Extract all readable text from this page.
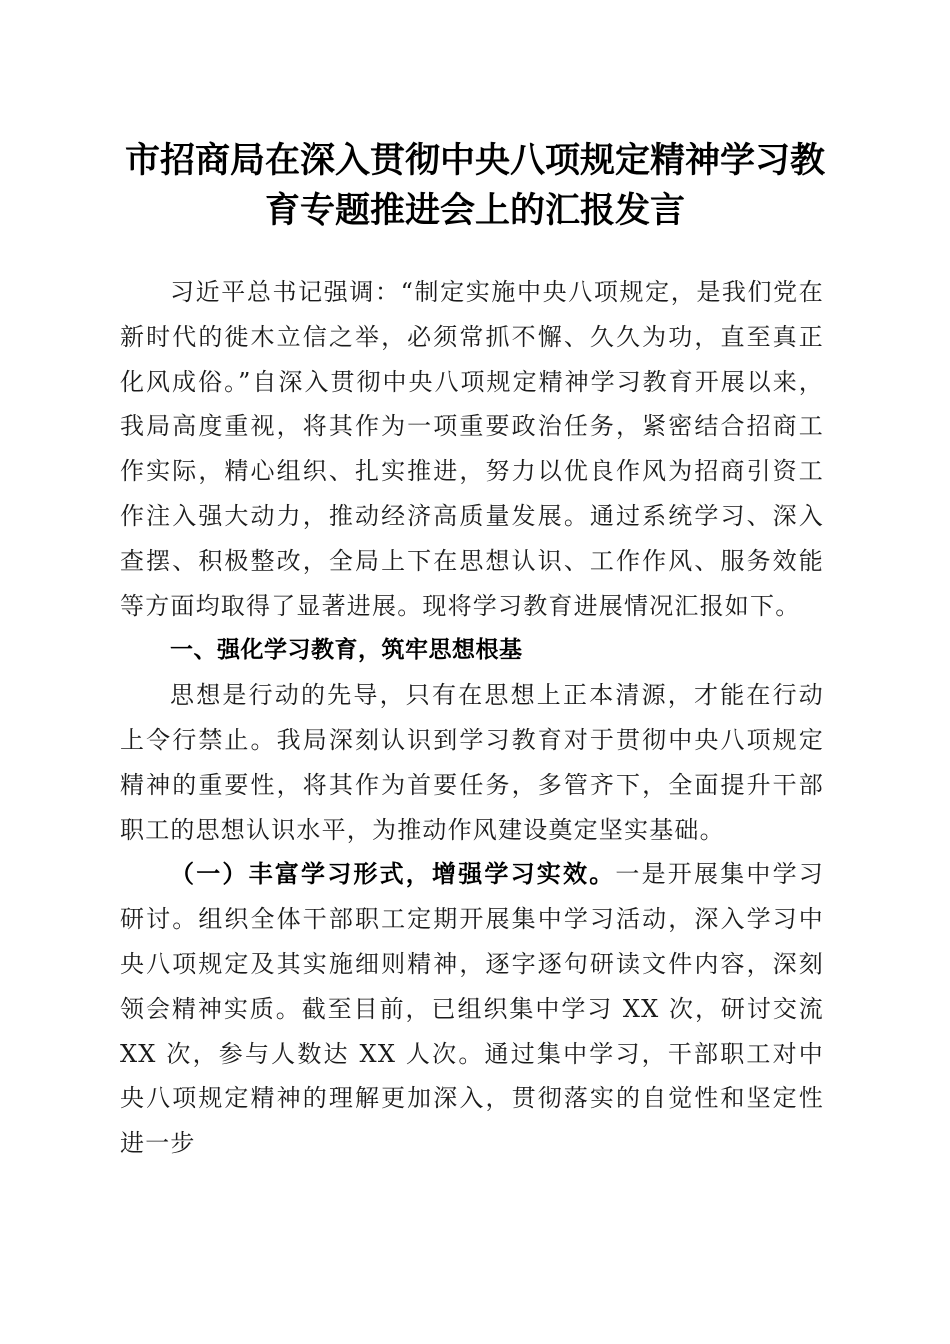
市招商局在深入贯彻中央八项规定精神学习教
育专题推进会上的汇报发言

习近平总书记强调：“制定实施中央八项规定，是我们党在新时代的徙木立信之举，必须常抓不懈、久久为功，直至真正化风成俗。”自深入贯彻中央八项规定精神学习教育开展以来，我局高度重视，将其作为一项重要政治任务，紧密结合招商工作实际，精心组织、扎实推进，努力以优良作风为招商引资工作注入强大动力，推动经济高质量发展。通过系统学习、深入查摆、积极整改，全局上下在思想认识、工作作风、服务效能等方面均取得了显著进展。现将学习教育进展情况汇报如下。

一、强化学习教育，筑牢思想根基

思想是行动的先导，只有在思想上正本清源，才能在行动上令行禁止。我局深刻认识到学习教育对于贯彻中央八项规定精神的重要性，将其作为首要任务，多管齐下，全面提升干部职工的思想认识水平，为推动作风建设奠定坚实基础。

（一）丰富学习形式，增强学习实效。一是开展集中学习研讨。组织全体干部职工定期开展集中学习活动，深入学习中央八项规定及其实施细则精神，逐字逐句研读文件内容，深刻领会精神实质。截至目前，已组织集中学习 XX 次，研讨交流 XX 次，参与人数达 XX 人次。通过集中学习，干部职工对中央八项规定精神的理解更加深入，贯彻落实的自觉性和坚定性进一步
